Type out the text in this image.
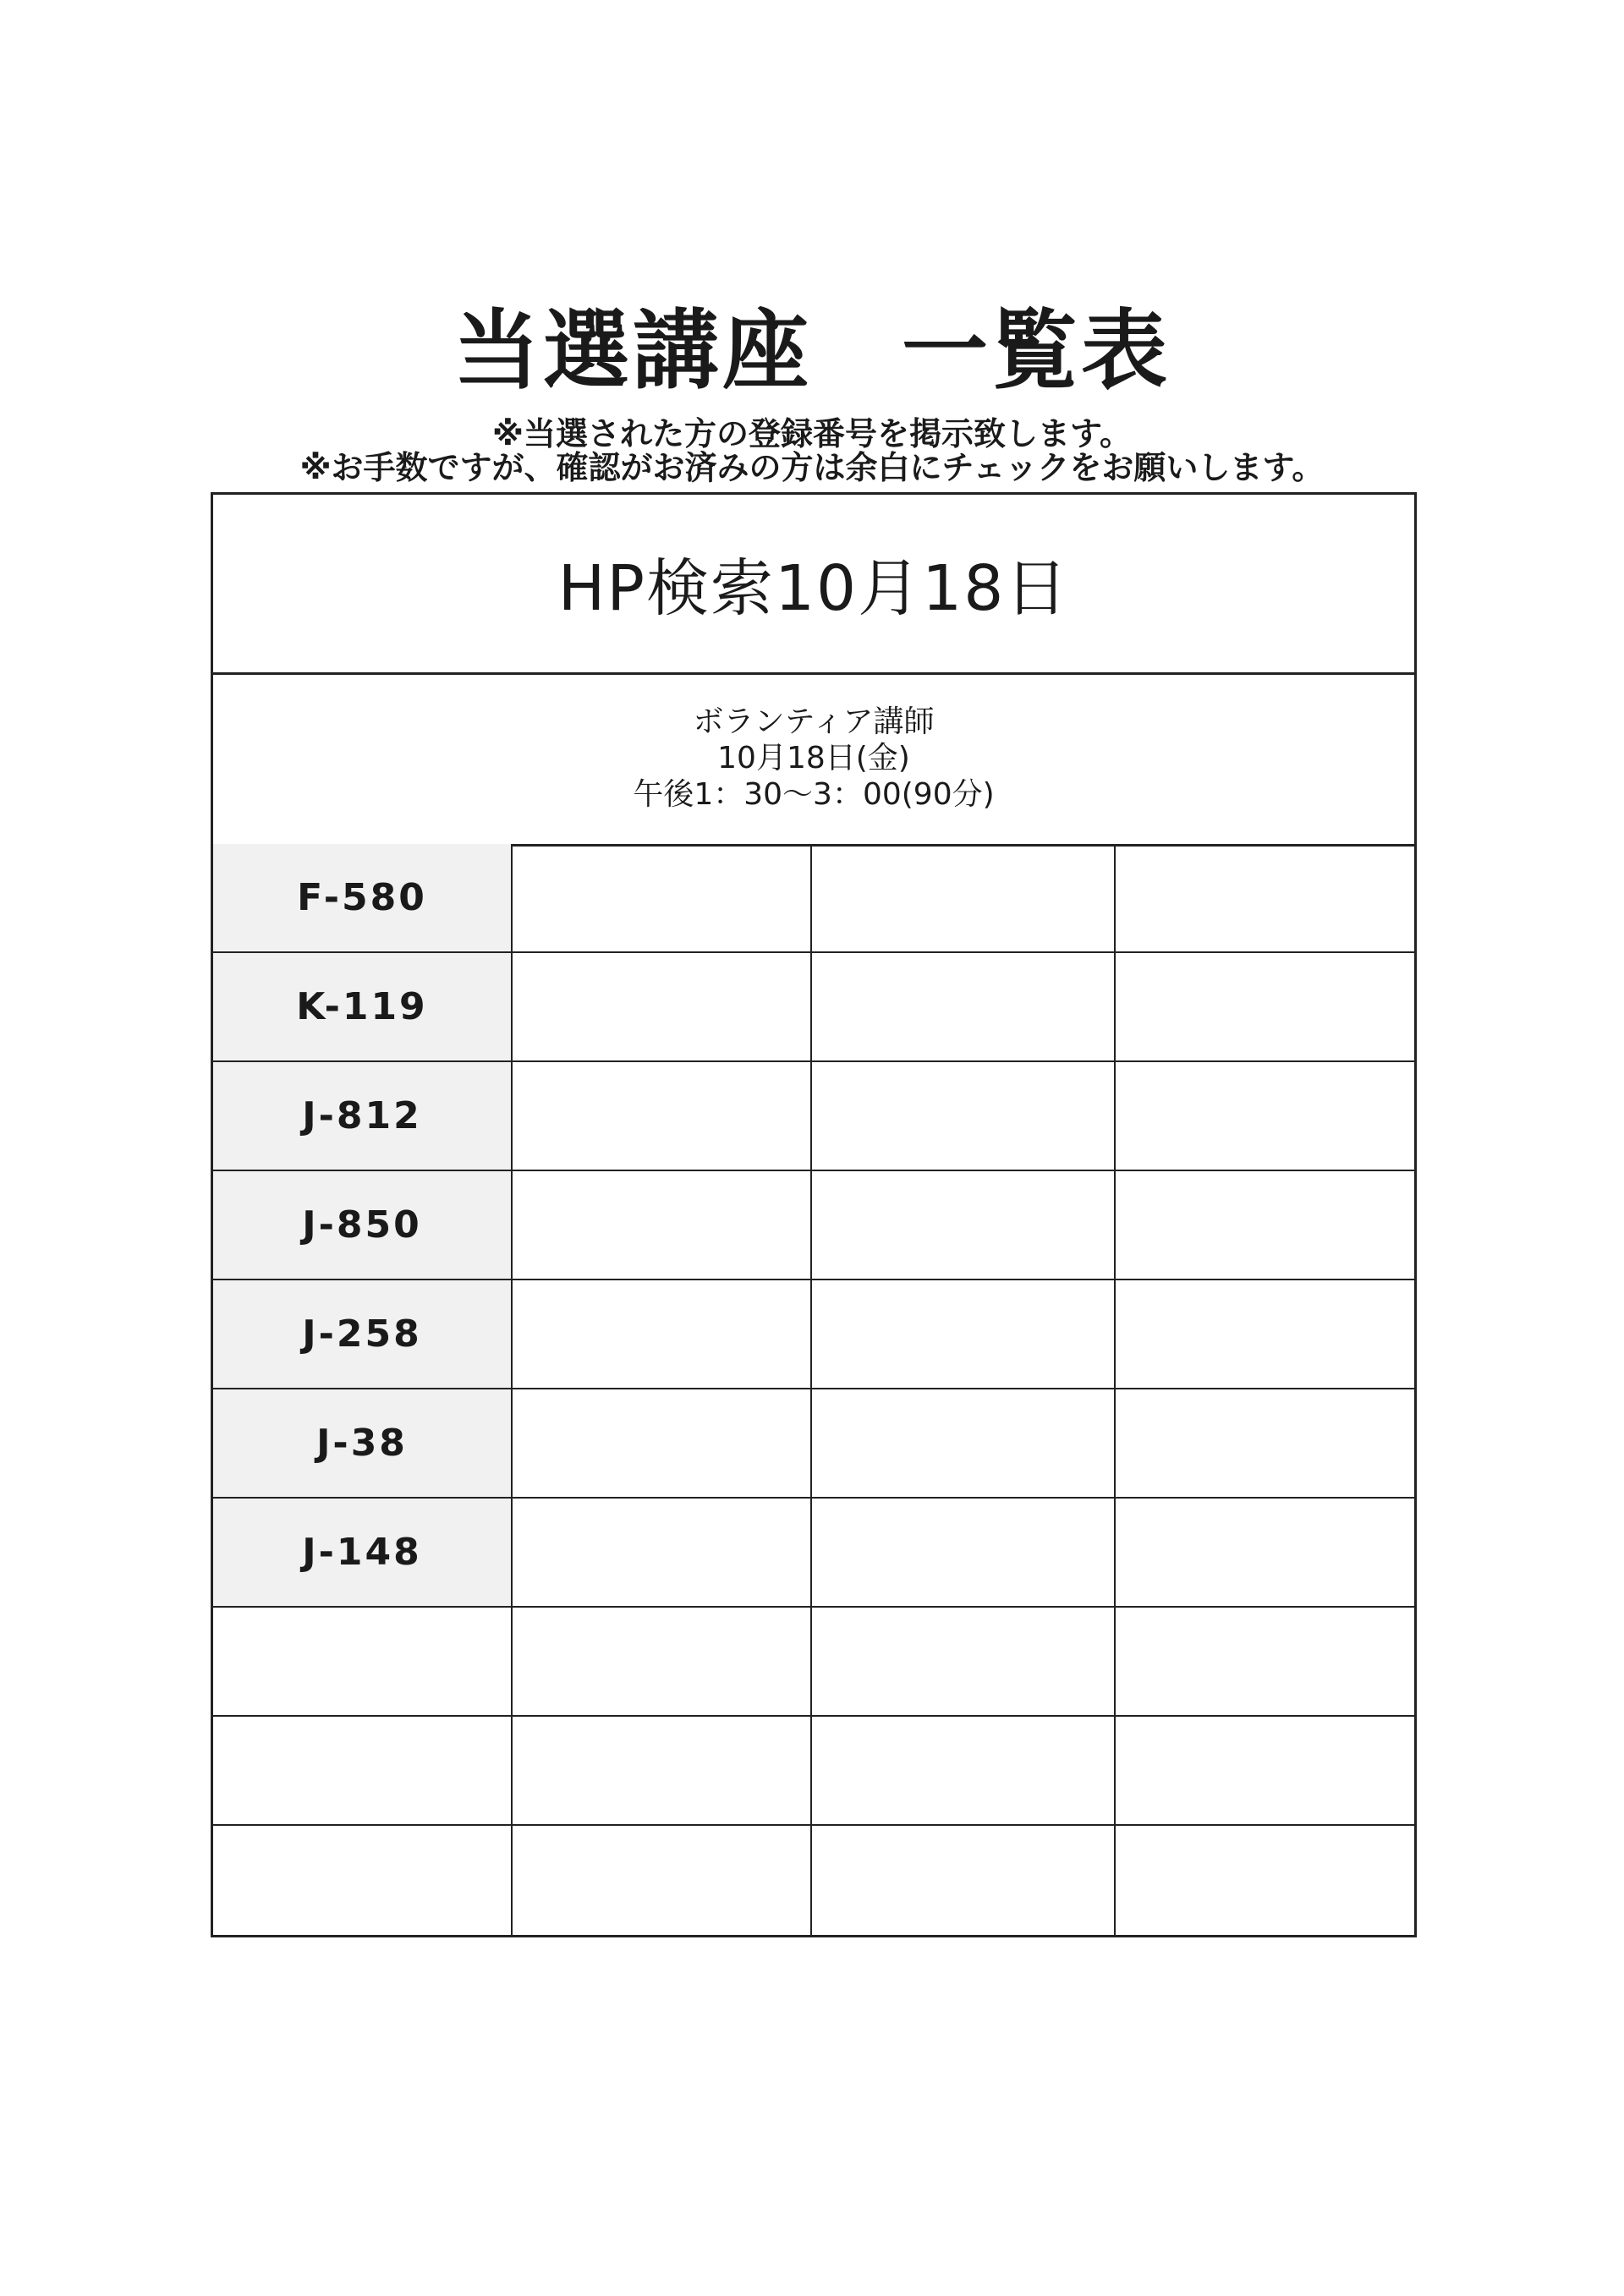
当選講座　一覧表
※当選された方の登録番号を掲示致します。
※お手数ですが、確認がお済みの方は余白にチェックをお願いします。
HP検索10月18日
ボランティア講師
10月18日(金)
午後1：30〜3：00(90分)
F-580
K-119
J-812
J-850
J-258
J-38
J-148
